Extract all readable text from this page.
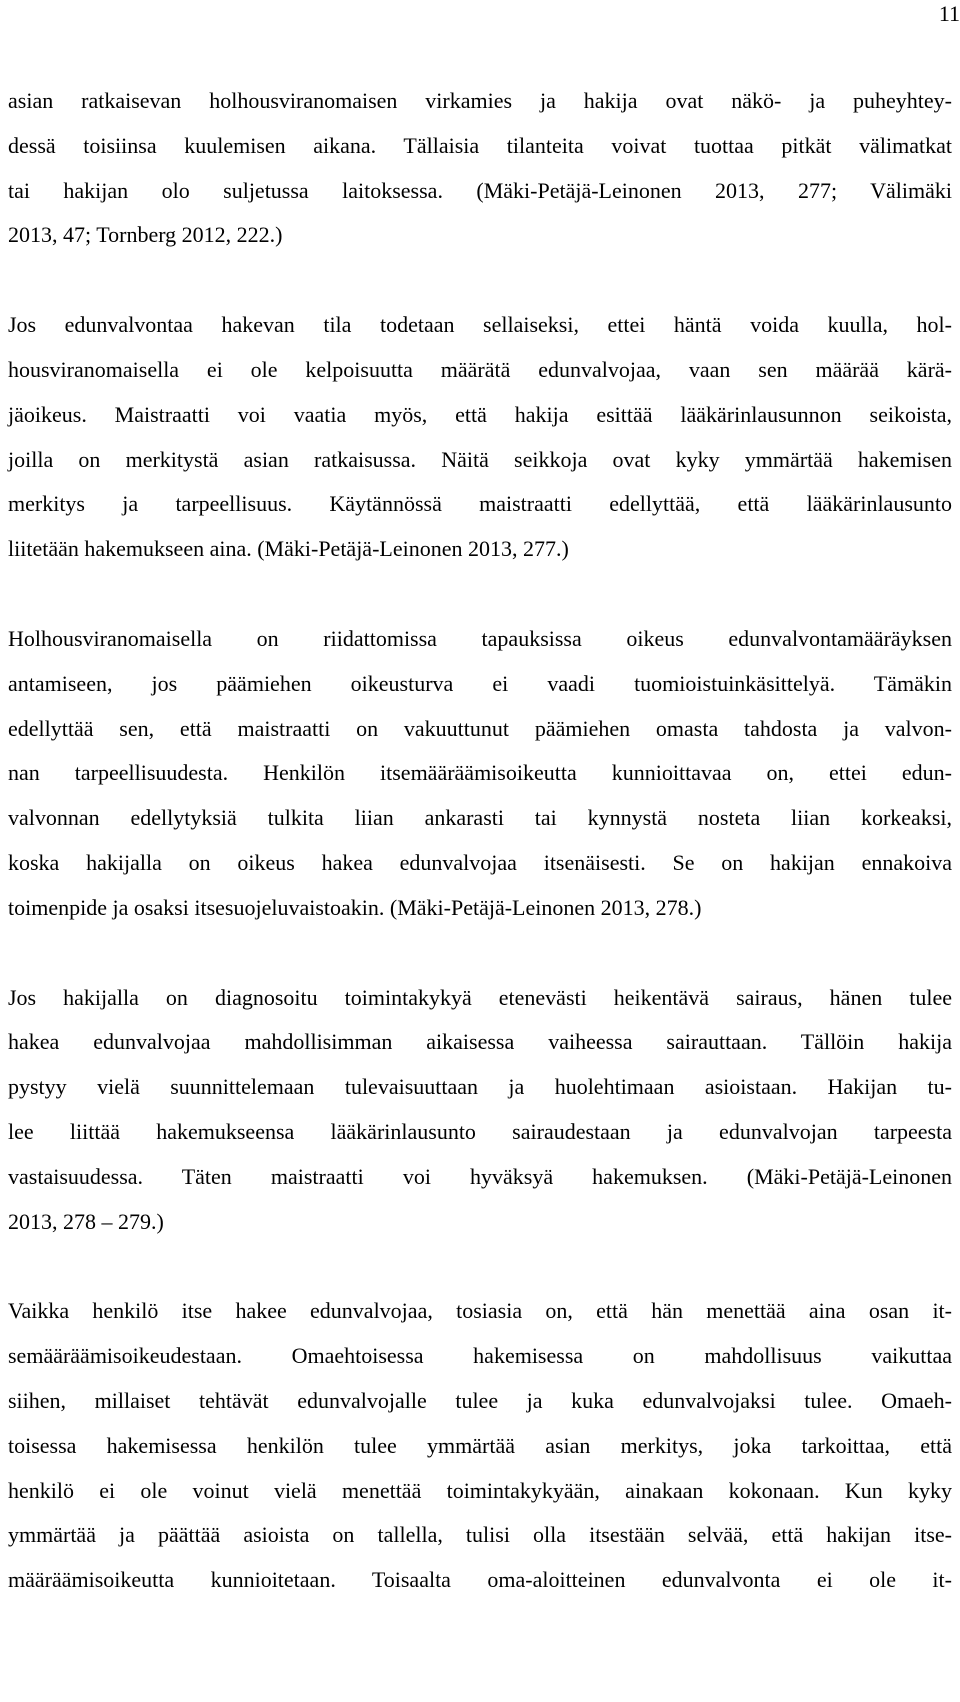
11
asian ratkaisevan holhousviranomaisen virkamies ja hakija ovat näkö- ja puheyhtey-
dessä toisiinsa kuulemisen aikana. Tällaisia tilanteita voivat tuottaa pitkät välimatkat
tai hakijan olo suljetussa laitoksessa. (Mäki-Petäjä-Leinonen 2013, 277; Välimäki
2013, 47; Tornberg 2012, 222.)
Jos edunvalvontaa hakevan tila todetaan sellaiseksi, ettei häntä voida kuulla, hol-
housviranomaisella ei ole kelpoisuutta määrätä edunvalvojaa, vaan sen määrää kärä-
jäoikeus. Maistraatti voi vaatia myös, että hakija esittää lääkärinlausunnon seikoista,
joilla on merkitystä asian ratkaisussa. Näitä seikkoja ovat kyky ymmärtää hakemisen
merkitys ja tarpeellisuus. Käytännössä maistraatti edellyttää, että lääkärinlausunto
liitetään hakemukseen aina. (Mäki-Petäjä-Leinonen 2013, 277.)
Holhousviranomaisella on riidattomissa tapauksissa oikeus edunvalvontamääräyksen
antamiseen, jos päämiehen oikeusturva ei vaadi tuomioistuinkäsittelyä. Tämäkin
edellyttää sen, että maistraatti on vakuuttunut päämiehen omasta tahdosta ja valvon-
nan tarpeellisuudesta. Henkilön itsemääräämisoikeutta kunnioittavaa on, ettei edun-
valvonnan edellytyksiä tulkita liian ankarasti tai kynnystä nosteta liian korkeaksi,
koska hakijalla on oikeus hakea edunvalvojaa itsenäisesti. Se on hakijan ennakoiva
toimenpide ja osaksi itsesuojeluvaistoakin. (Mäki-Petäjä-Leinonen 2013, 278.)
Jos hakijalla on diagnosoitu toimintakykyä etenevästi heikentävä sairaus, hänen tulee
hakea edunvalvojaa mahdollisimman aikaisessa vaiheessa sairauttaan. Tällöin hakija
pystyy vielä suunnittelemaan tulevaisuuttaan ja huolehtimaan asioistaan. Hakijan tu-
lee liittää hakemukseensa lääkärinlausunto sairaudestaan ja edunvalvojan tarpeesta
vastaisuudessa. Täten maistraatti voi hyväksyä hakemuksen. (Mäki-Petäjä-Leinonen
2013, 278 – 279.)
Vaikka henkilö itse hakee edunvalvojaa, tosiasia on, että hän menettää aina osan it-
semääräämisoikeudestaan. Omaehtoisessa hakemisessa on mahdollisuus vaikuttaa
siihen, millaiset tehtävät edunvalvojalle tulee ja kuka edunvalvojaksi tulee. Omaeh-
toisessa hakemisessa henkilön tulee ymmärtää asian merkitys, joka tarkoittaa, että
henkilö ei ole voinut vielä menettää toimintakykyään, ainakaan kokonaan. Kun kyky
ymmärtää ja päättää asioista on tallella, tulisi olla itsestään selvää, että hakijan itse-
määräämisoikeutta kunnioitetaan. Toisaalta oma-aloitteinen edunvalvonta ei ole it-
